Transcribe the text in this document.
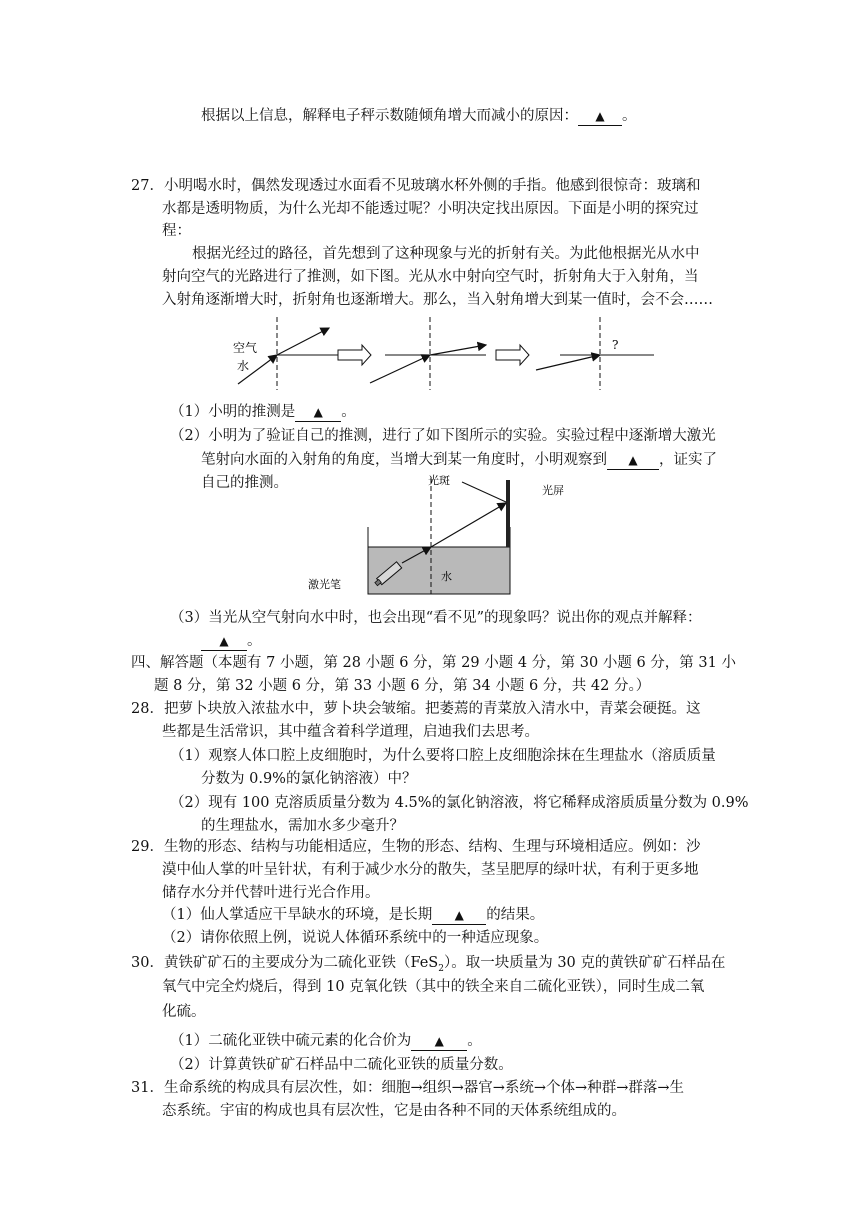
根据以上信息，解释电子秤示数随倾角增大而减小的原因： ▲ 。
27．小明喝水时，偶然发现透过水面看不见玻璃水杯外侧的手指。他感到很惊奇：玻璃和
水都是透明物质，为什么光却不能透过呢？小明决定找出原因。下面是小明的探究过
程：
根据光经过的路径，首先想到了这种现象与光的折射有关。为此他根据光从水中
射向空气的光路进行了推测，如下图。光从水中射向空气时，折射角大于入射角，当
入射角逐渐增大时，折射角也逐渐增大。那么，当入射角增大到某一值时，会不会……
空气
水
?
（1）小明的推测是 ▲ 。
（2）小明为了验证自己的推测，进行了如下图所示的实验。实验过程中逐渐增大激光
笔射向水面的入射角的角度，当增大到某一角度时，小明观察到 ▲ ，证实了
自己的推测。	光斑
光屏
激光笔
水
（3）当光从空气射向水中时，也会出现“看不见”的现象吗？说出你的观点并解释：
▲ 。
四、解答题（本题有 7 小题，第 28 小题 6 分，第 29 小题 4 分，第 30 小题 6 分，第 31 小
题 8 分，第 32 小题 6 分，第 33 小题 6 分，第 34 小题 6 分，共 42 分。）
28．把萝卜块放入浓盐水中，萝卜块会皱缩。把萎蔫的青菜放入清水中，青菜会硬挺。这
些都是生活常识，其中蕴含着科学道理，启迪我们去思考。
（1）观察人体口腔上皮细胞时，为什么要将口腔上皮细胞涂抹在生理盐水（溶质质量
分数为 0.9%的氯化钠溶液）中？
（2）现有 100 克溶质质量分数为 4.5%的氯化钠溶液，将它稀释成溶质质量分数为 0.9%
的生理盐水，需加水多少毫升？
29．生物的形态、结构与功能相适应，生物的形态、结构、生理与环境相适应。例如：沙
漠中仙人掌的叶呈针状，有利于减少水分的散失，茎呈肥厚的绿叶状，有利于更多地
储存水分并代替叶进行光合作用。
（1）仙人掌适应干旱缺水的环境，是长期 ▲ 的结果。
（2）请你依照上例，说说人体循环系统中的一种适应现象。
30．黄铁矿矿石的主要成分为二硫化亚铁（FeS$_2$）。取一块质量为 30 克的黄铁矿矿石样品在
氧气中完全灼烧后，得到 10 克氧化铁（其中的铁全来自二硫化亚铁），同时生成二氧
化硫。
（1）二硫化亚铁中硫元素的化合价为 ▲ 。
（2）计算黄铁矿矿石样品中二硫化亚铁的质量分数。
31．生命系统的构成具有层次性，如：细胞→组织→器官→系统→个体→种群→群落→生
态系统。宇宙的构成也具有层次性，它是由各种不同的天体系统组成的。
